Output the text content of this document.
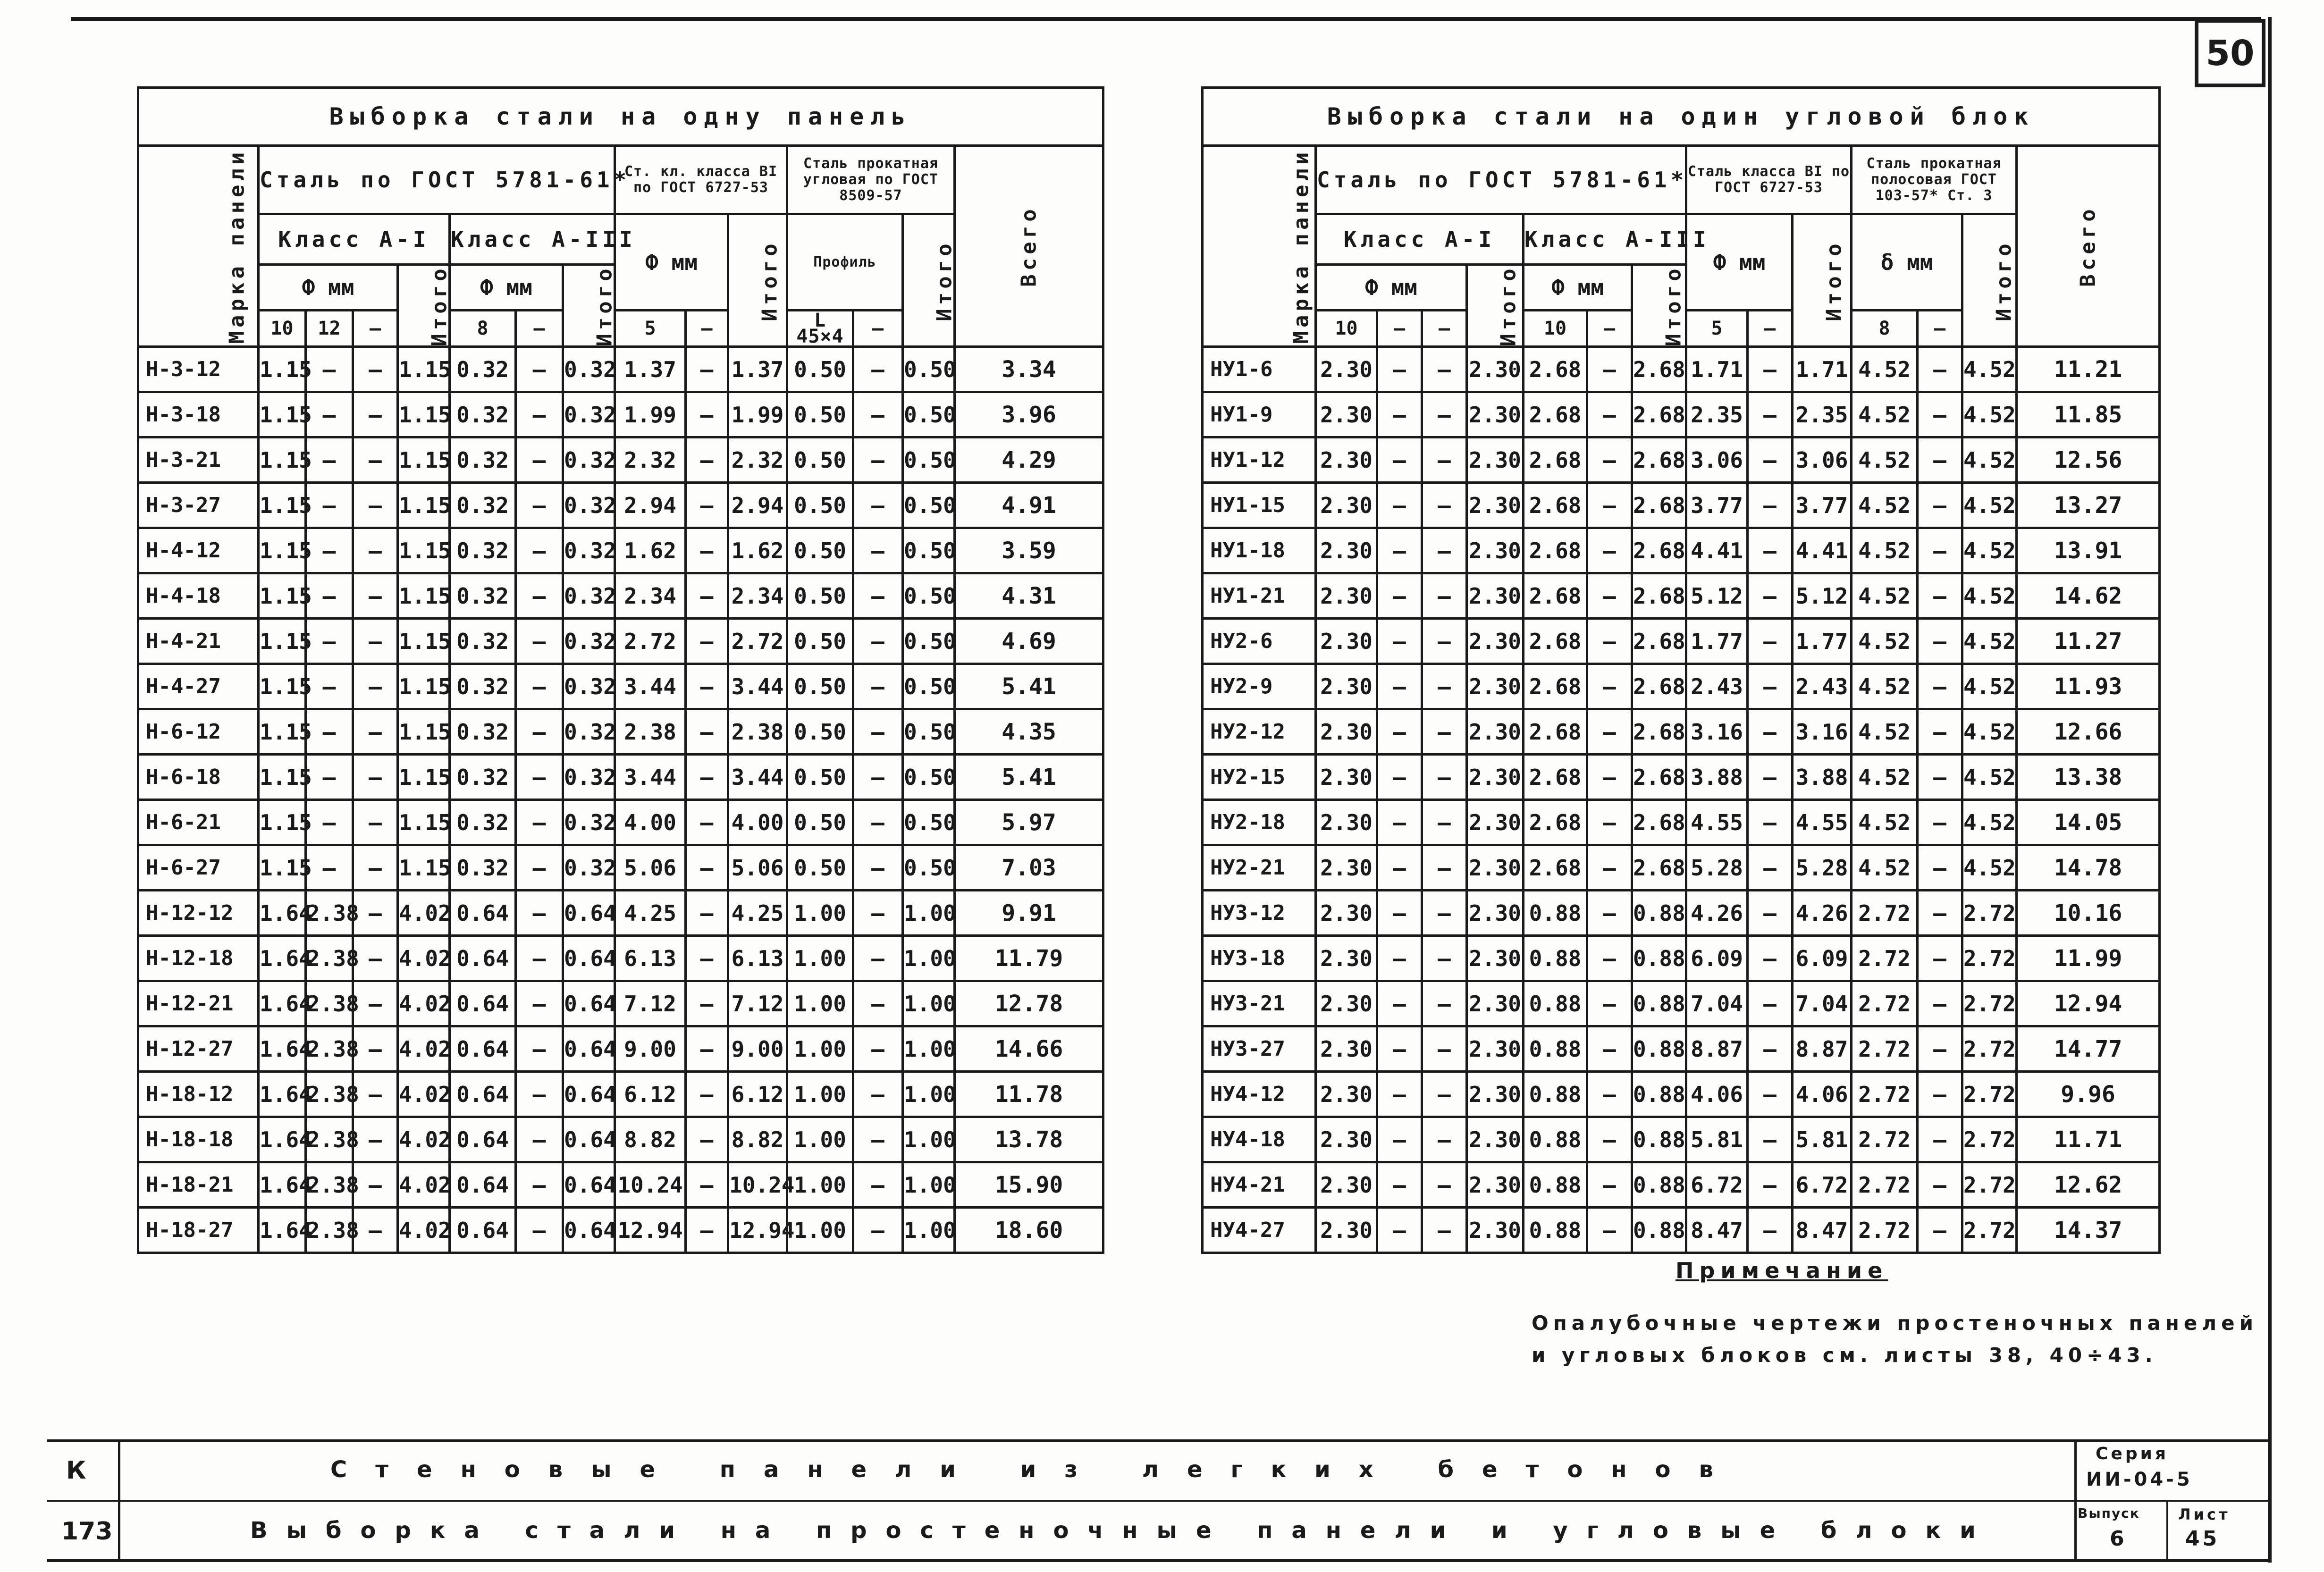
50
Выборка стали на одну панель														
Марка панели	Сталь по ГОСТ 5781-61*							Ст. кл. класса ВI по ГОСТ 6727-53			Сталь прокатная угловая по ГОСТ 8509-57			Всего
	Класс А-I				Класс А-III			Ф мм		Итого	Профиль		Итого	
	Ф мм			Итого	Ф мм		Итого							
	10	12	—		8	—		5	—		L 45×4	—		
Н-3-12	1.15	—	—	1.15	0.32	—	0.32	1.37	—	1.37	0.50	—	0.50	3.34
Н-3-18	1.15	—	—	1.15	0.32	—	0.32	1.99	—	1.99	0.50	—	0.50	3.96
Н-3-21	1.15	—	—	1.15	0.32	—	0.32	2.32	—	2.32	0.50	—	0.50	4.29
Н-3-27	1.15	—	—	1.15	0.32	—	0.32	2.94	—	2.94	0.50	—	0.50	4.91
Н-4-12	1.15	—	—	1.15	0.32	—	0.32	1.62	—	1.62	0.50	—	0.50	3.59
Н-4-18	1.15	—	—	1.15	0.32	—	0.32	2.34	—	2.34	0.50	—	0.50	4.31
Н-4-21	1.15	—	—	1.15	0.32	—	0.32	2.72	—	2.72	0.50	—	0.50	4.69
Н-4-27	1.15	—	—	1.15	0.32	—	0.32	3.44	—	3.44	0.50	—	0.50	5.41
Н-6-12	1.15	—	—	1.15	0.32	—	0.32	2.38	—	2.38	0.50	—	0.50	4.35
Н-6-18	1.15	—	—	1.15	0.32	—	0.32	3.44	—	3.44	0.50	—	0.50	5.41
Н-6-21	1.15	—	—	1.15	0.32	—	0.32	4.00	—	4.00	0.50	—	0.50	5.97
Н-6-27	1.15	—	—	1.15	0.32	—	0.32	5.06	—	5.06	0.50	—	0.50	7.03
Н-12-12	1.64	2.38	—	4.02	0.64	—	0.64	4.25	—	4.25	1.00	—	1.00	9.91
Н-12-18	1.64	2.38	—	4.02	0.64	—	0.64	6.13	—	6.13	1.00	—	1.00	11.79
Н-12-21	1.64	2.38	—	4.02	0.64	—	0.64	7.12	—	7.12	1.00	—	1.00	12.78
Н-12-27	1.64	2.38	—	4.02	0.64	—	0.64	9.00	—	9.00	1.00	—	1.00	14.66
Н-18-12	1.64	2.38	—	4.02	0.64	—	0.64	6.12	—	6.12	1.00	—	1.00	11.78
Н-18-18	1.64	2.38	—	4.02	0.64	—	0.64	8.82	—	8.82	1.00	—	1.00	13.78
Н-18-21	1.64	2.38	—	4.02	0.64	—	0.64	10.24	—	10.24	1.00	—	1.00	15.90
Н-18-27	1.64	2.38	—	4.02	0.64	—	0.64	12.94	—	12.94	1.00	—	1.00	18.60
Выборка стали на один угловой блок														
Марка панели	Сталь по ГОСТ 5781-61*							Сталь класса ВI по ГОСТ 6727-53			Сталь прокатная полосовая ГОСТ 103-57* Ст. 3			Всего
	Класс А-I				Класс А-III			Ф мм		Итого	δ мм		Итого	
	Ф мм			Итого	Ф мм		Итого							
	10	—	—		10	—		5	—		8	—		
НУ1-6	2.30	—	—	2.30	2.68	—	2.68	1.71	—	1.71	4.52	—	4.52	11.21
НУ1-9	2.30	—	—	2.30	2.68	—	2.68	2.35	—	2.35	4.52	—	4.52	11.85
НУ1-12	2.30	—	—	2.30	2.68	—	2.68	3.06	—	3.06	4.52	—	4.52	12.56
НУ1-15	2.30	—	—	2.30	2.68	—	2.68	3.77	—	3.77	4.52	—	4.52	13.27
НУ1-18	2.30	—	—	2.30	2.68	—	2.68	4.41	—	4.41	4.52	—	4.52	13.91
НУ1-21	2.30	—	—	2.30	2.68	—	2.68	5.12	—	5.12	4.52	—	4.52	14.62
НУ2-6	2.30	—	—	2.30	2.68	—	2.68	1.77	—	1.77	4.52	—	4.52	11.27
НУ2-9	2.30	—	—	2.30	2.68	—	2.68	2.43	—	2.43	4.52	—	4.52	11.93
НУ2-12	2.30	—	—	2.30	2.68	—	2.68	3.16	—	3.16	4.52	—	4.52	12.66
НУ2-15	2.30	—	—	2.30	2.68	—	2.68	3.88	—	3.88	4.52	—	4.52	13.38
НУ2-18	2.30	—	—	2.30	2.68	—	2.68	4.55	—	4.55	4.52	—	4.52	14.05
НУ2-21	2.30	—	—	2.30	2.68	—	2.68	5.28	—	5.28	4.52	—	4.52	14.78
НУ3-12	2.30	—	—	2.30	0.88	—	0.88	4.26	—	4.26	2.72	—	2.72	10.16
НУ3-18	2.30	—	—	2.30	0.88	—	0.88	6.09	—	6.09	2.72	—	2.72	11.99
НУ3-21	2.30	—	—	2.30	0.88	—	0.88	7.04	—	7.04	2.72	—	2.72	12.94
НУ3-27	2.30	—	—	2.30	0.88	—	0.88	8.87	—	8.87	2.72	—	2.72	14.77
НУ4-12	2.30	—	—	2.30	0.88	—	0.88	4.06	—	4.06	2.72	—	2.72	9.96
НУ4-18	2.30	—	—	2.30	0.88	—	0.88	5.81	—	5.81	2.72	—	2.72	11.71
НУ4-21	2.30	—	—	2.30	0.88	—	0.88	6.72	—	6.72	2.72	—	2.72	12.62
НУ4-27	2.30	—	—	2.30	0.88	—	0.88	8.47	—	8.47	2.72	—	2.72	14.37
Примечание
Опалубочные чертежи простеночных панелей и угловых блоков см. листы 38, 40÷43.
К
173
Стеновые панели из легких бетонов
Выборка стали на простеночные панели и угловые блоки
Серия
ИИ-04-5
Выпуск
6
Лист
45
